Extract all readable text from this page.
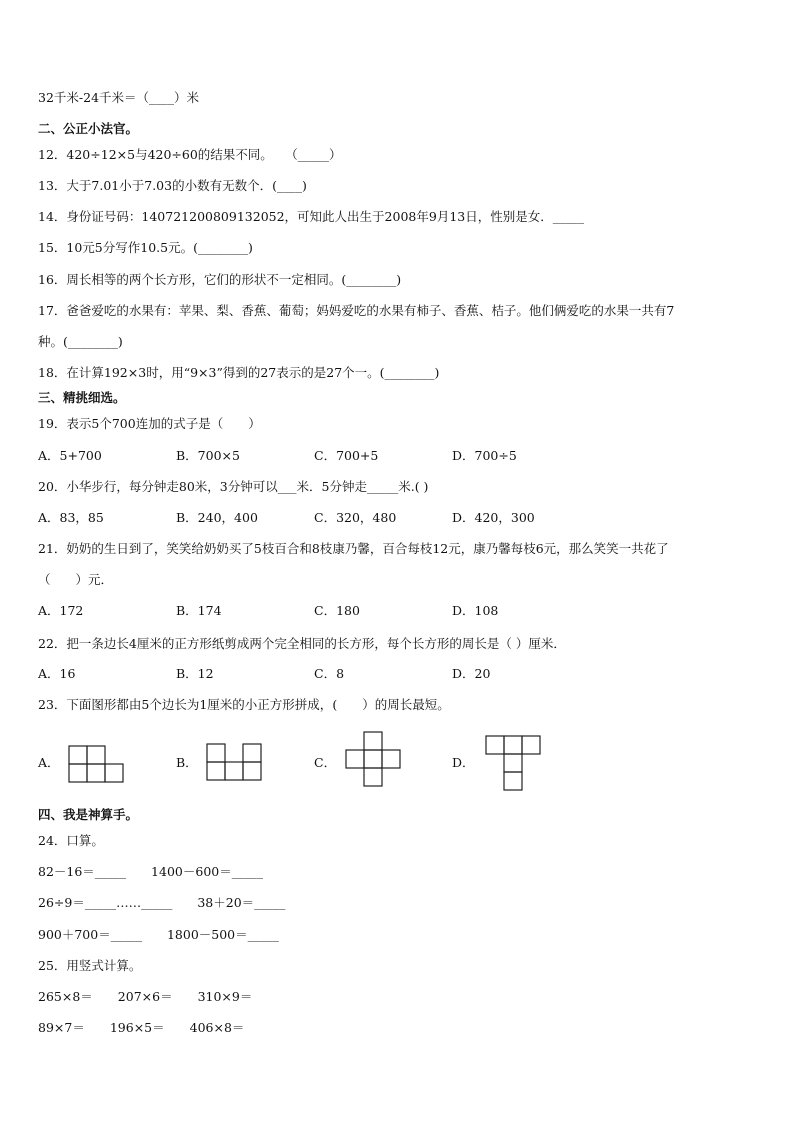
32千米-24千米＝（____）米
二、公正小法官。
12．420÷12×5与420÷60的结果不同。　　（_____）
13．大于7.01小于7.03的小数有无数个．(____)
14．身份证号码：140721200809132052，可知此人出生于2008年9月13日，性别是女．_____
15．10元5分写作10.5元。(________)
16．周长相等的两个长方形，它们的形状不一定相同。(________)
17．爸爸爱吃的水果有：苹果、梨、香蕉、葡萄；妈妈爱吃的水果有柿子、香蕉、桔子。他们俩爱吃的水果一共有7
种。(________)
18．在计算192×3时，用“9×3”得到的27表示的是27个一。(________)
三、精挑细选。
19．表示5个700连加的式子是（　　）
A．5+700	B．700×5	C．700+5	D．700÷5
20．小华步行，每分钟走80米，3分钟可以___米．5分钟走_____米.( )
A．83，85	B．240，400	C．320，480	D．420，300
21．奶奶的生日到了，笑笑给奶奶买了5枝百合和8枝康乃馨，百合每枝12元，康乃馨每枝6元，那么笑笑一共花了
（　　）元．
A．172	B．174	C．180	D．108
22．把一条边长4厘米的正方形纸剪成两个完全相同的长方形，每个长方形的周长是（ ）厘米．
A．16	B．12	C．8	D．20
23．下面图形都由5个边长为1厘米的小正方形拼成，(　　）的周长最短。
A．	B．	C．	D．
四、我是神算手。
24．口算。
82－16＝_____　　1400－600＝_____
26÷9＝_____……_____　　38＋20＝_____
900＋700＝_____　　1800－500＝_____
25．用竖式计算。
265×8＝　　207×6＝　　310×9＝
89×7＝　　196×5＝　　406×8＝
